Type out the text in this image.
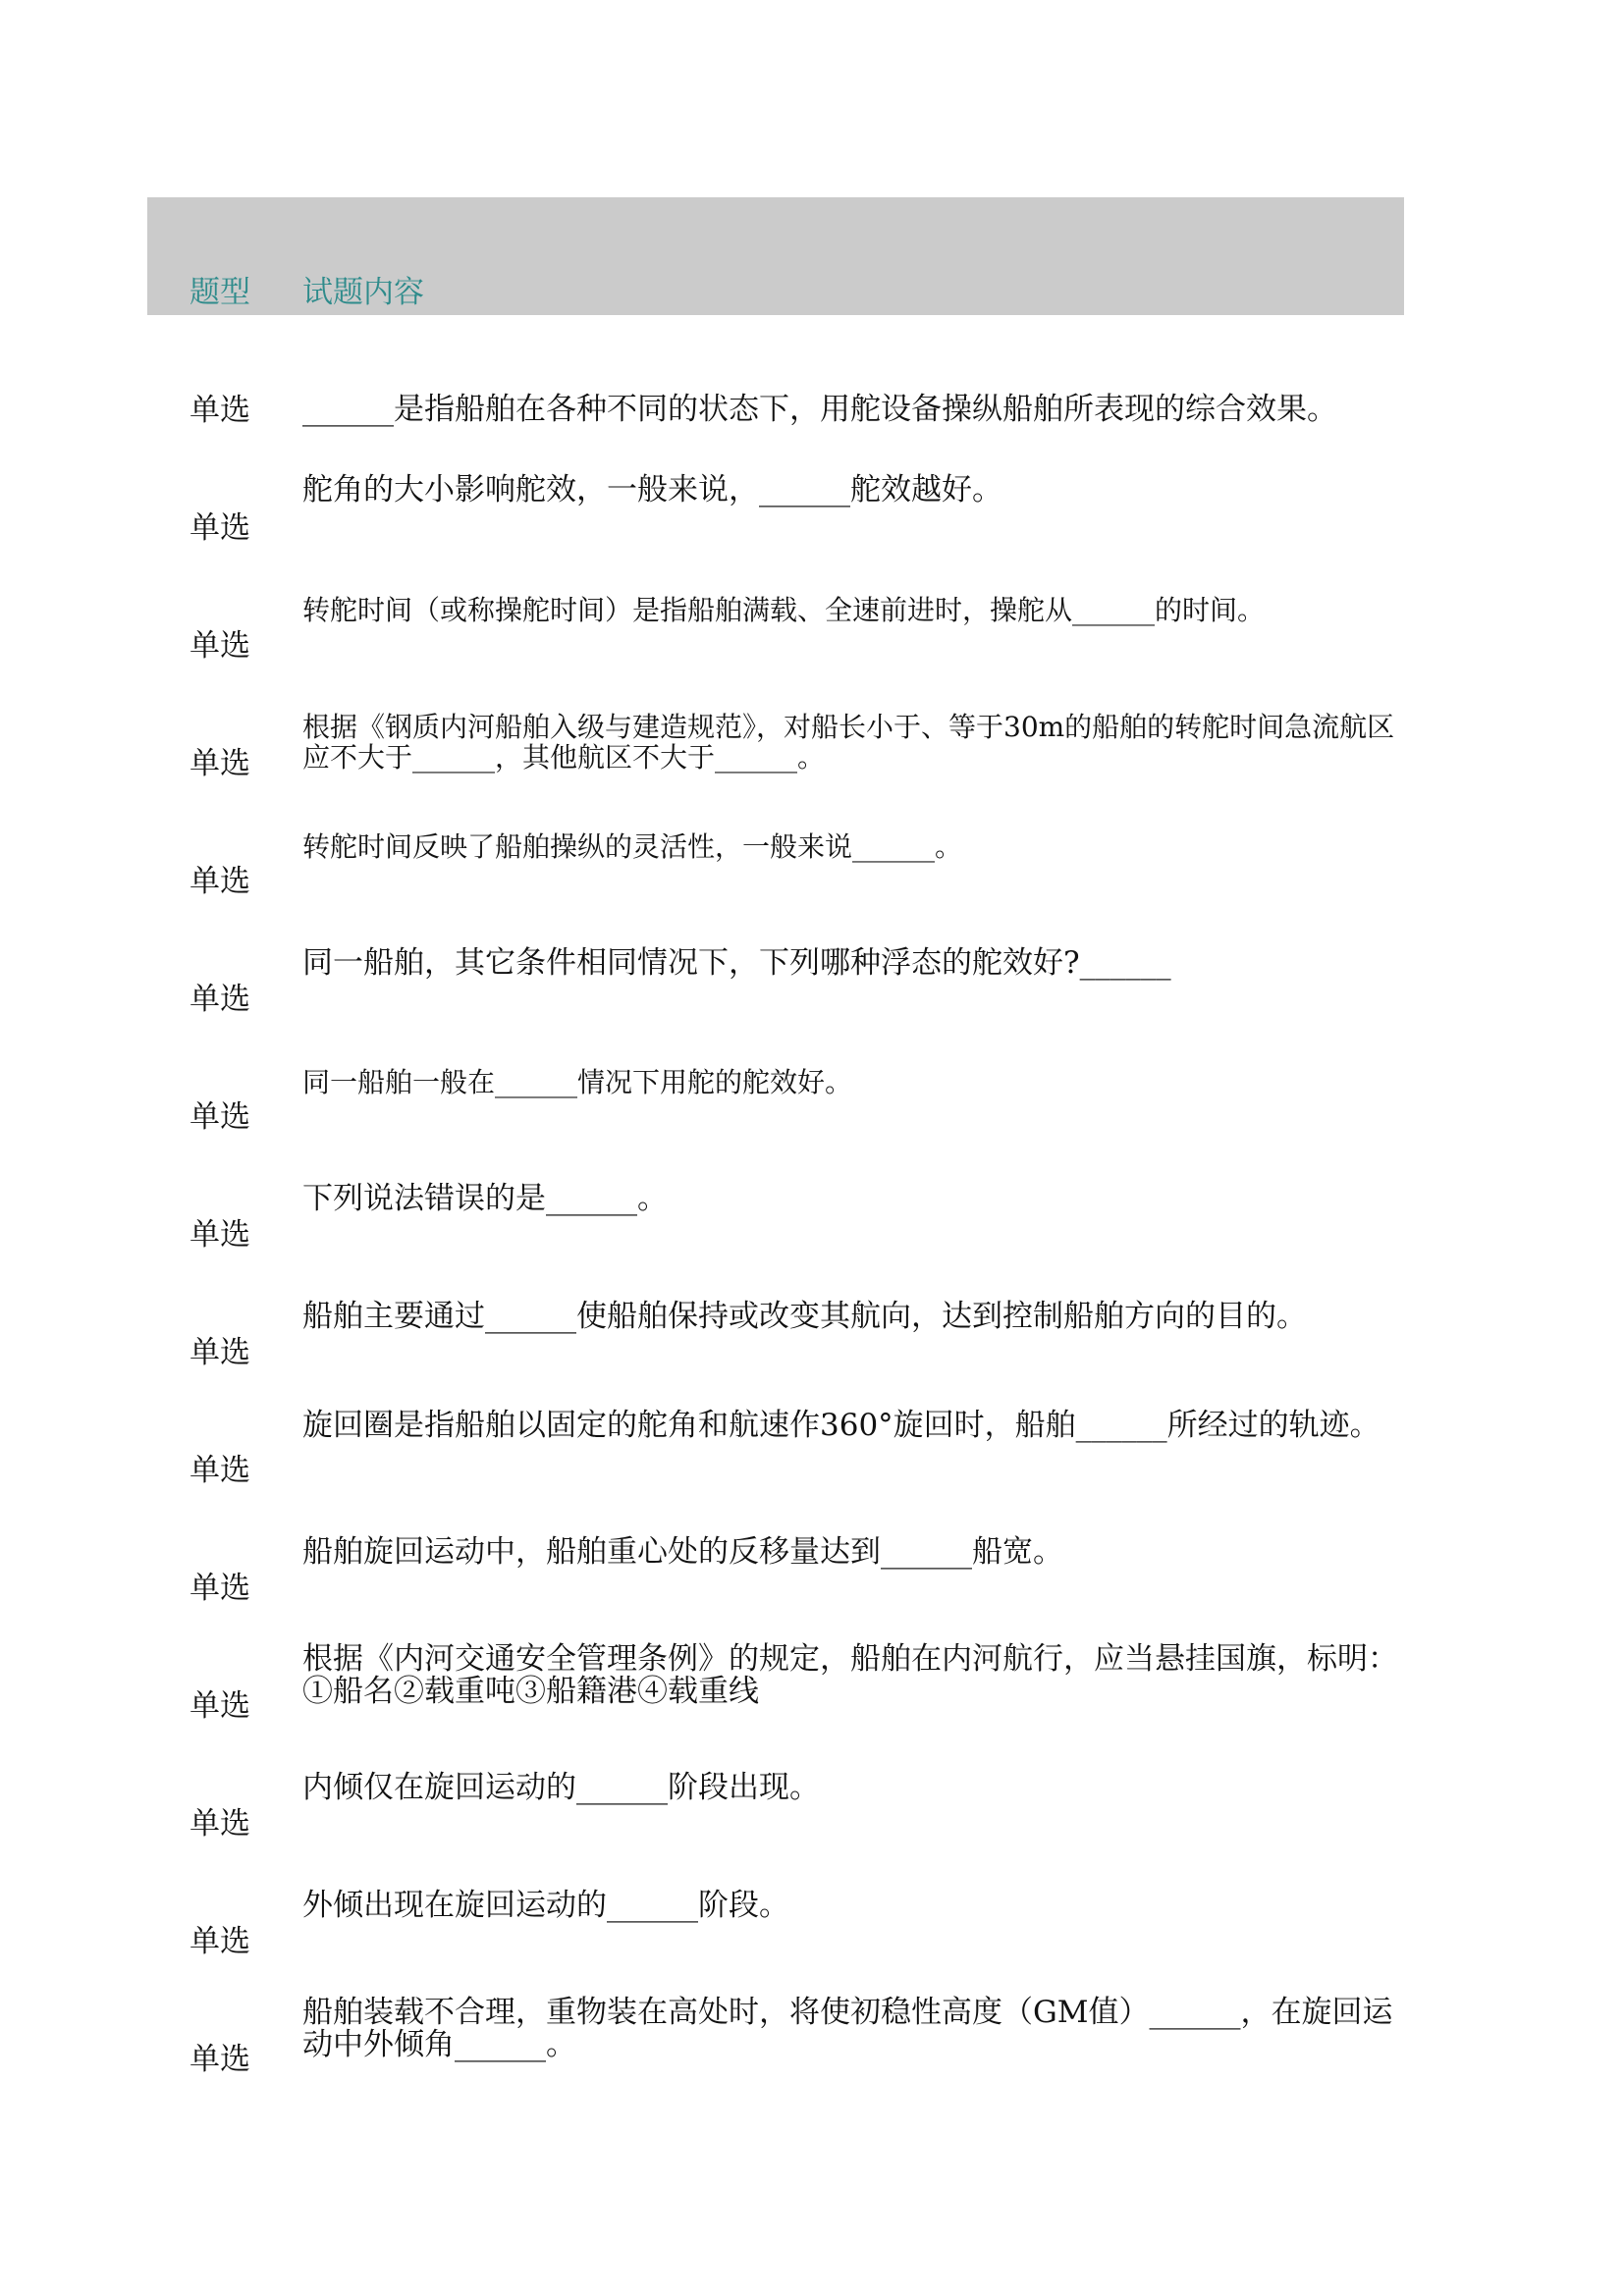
题型 试题内容
单选 ______是指船舶在各种不同的状态下，用舵设备操纵船舶所表现的综合效果。
单选
舵角的大小影响舵效，一般来说，______舵效越好。
单选
转舵时间（或称操舵时间）是指船舶满载、全速前进时，操舵从______的时间。
单选
根据《钢质内河船舶入级与建造规范》，对船长小于、等于30m的船舶的转舵时间急流航区应不大于______，其他航区不大于______。
单选
转舵时间反映了船舶操纵的灵活性，一般来说______。
单选
同一船舶，其它条件相同情况下，下列哪种浮态的舵效好?______
单选
同一船舶一般在______情况下用舵的舵效好。
单选
下列说法错误的是______。
单选
船舶主要通过______使船舶保持或改变其航向，达到控制船舶方向的目的。
单选
旋回圈是指船舶以固定的舵角和航速作360°旋回时，船舶______所经过的轨迹。
单选
船舶旋回运动中，船舶重心处的反移量达到______船宽。
单选
根据《内河交通安全管理条例》的规定，船舶在内河航行，应当悬挂国旗，标明：①船名②载重吨③船籍港④载重线
单选
内倾仅在旋回运动的______阶段出现。
单选
外倾出现在旋回运动的______阶段。
单选
船舶装载不合理，重物装在高处时，将使初稳性高度（GM值）______，在旋回运动中外倾角______。
